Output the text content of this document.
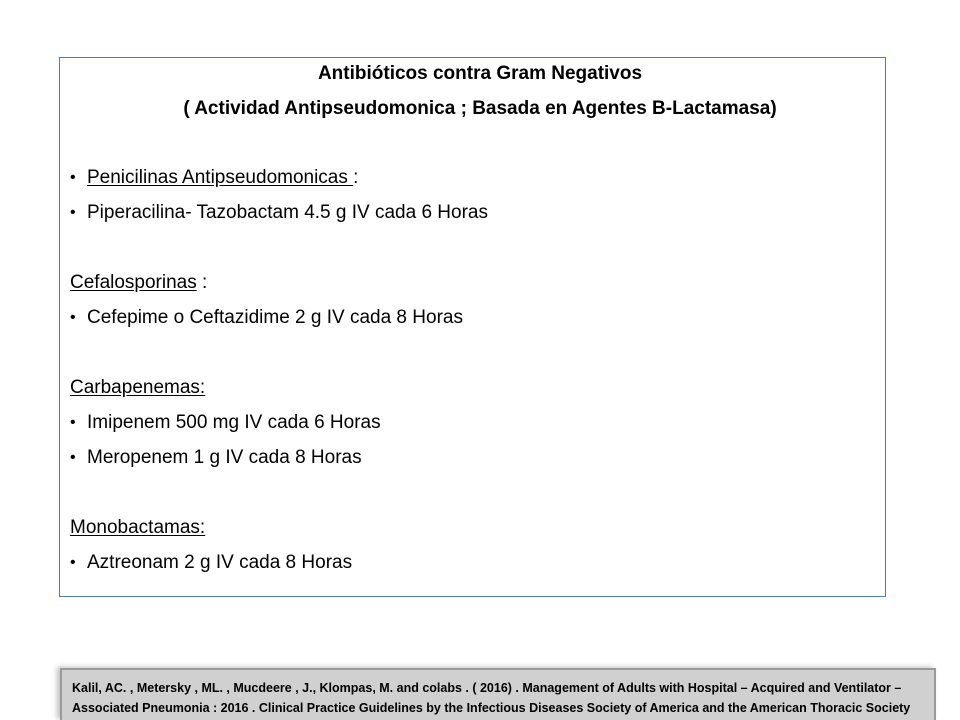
Antibióticos contra Gram Negativos
( Actividad Antipseudomonica ; Basada en Agentes B-Lactamasa)
• Penicilinas Antipseudomonicas :
• Piperacilina- Tazobactam 4.5 g IV cada 6 Horas
Cefalosporinas :
• Cefepime o Ceftazidime 2 g IV cada 8 Horas
Carbapenemas:
• Imipenem 500 mg IV cada 6 Horas
• Meropenem 1 g IV cada 8 Horas
Monobactamas:
• Aztreonam 2 g IV cada 8 Horas
Kalil, AC. , Metersky , ML. , Mucdeere , J., Klompas, M. and colabs . ( 2016) . Management of Adults with Hospital – Acquired and Ventilator –
Associated Pneumonia : 2016 . Clinical Practice Guidelines by the Infectious Diseases Society of America and the American Thoracic Society
